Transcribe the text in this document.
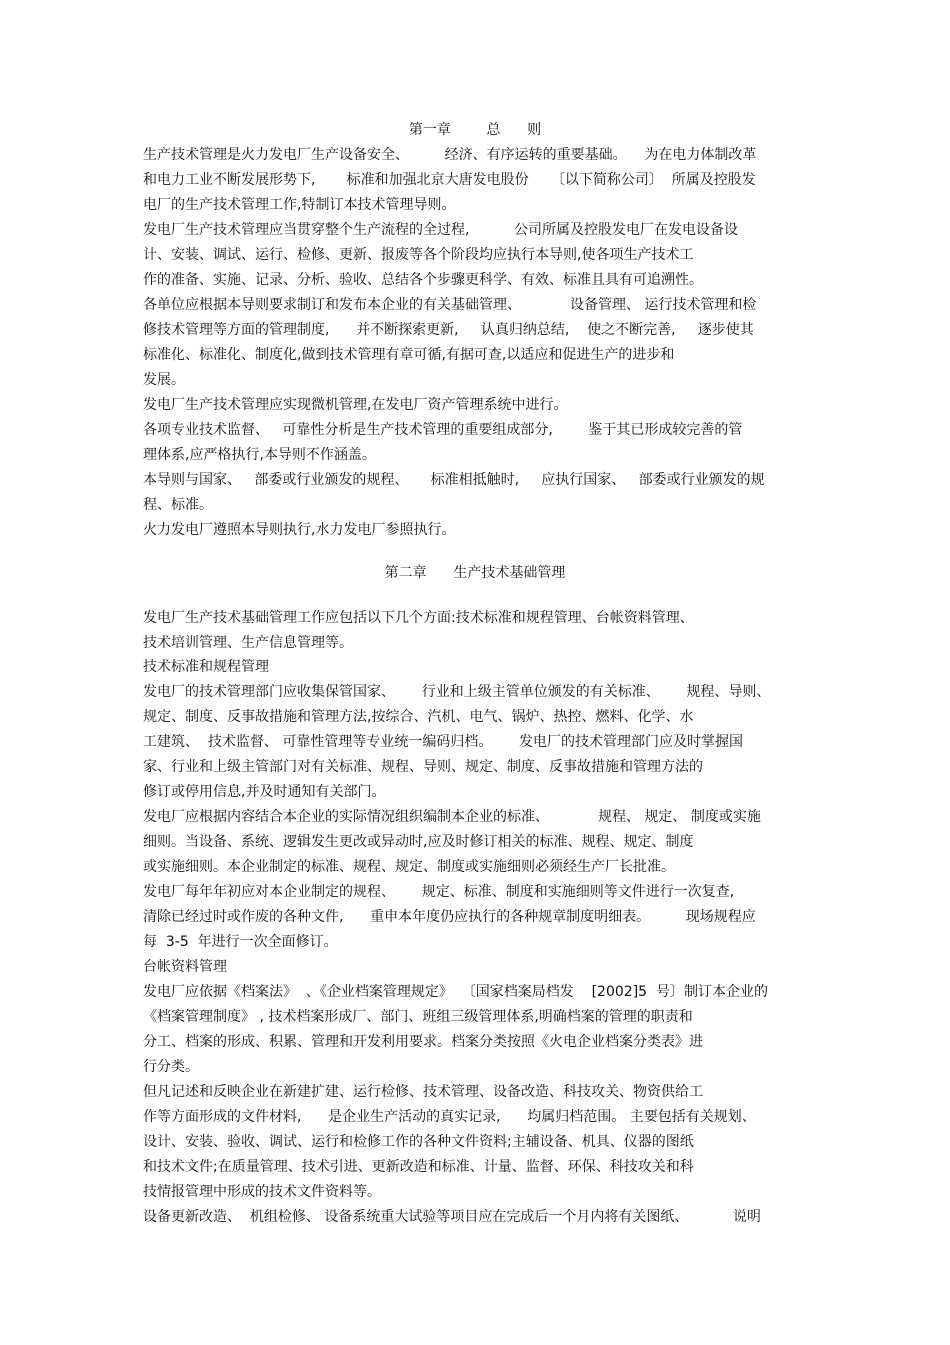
第一章        总      则
生产技术管理是火力发电厂生产设备安全、        经济、有序运转的重要基础。    为在电力体制改革
和电力工业不断发展形势下,       标准和加强北京大唐发电股份     〔以下简称公司〕  所属及控股发
电厂的生产技术管理工作,特制订本技术管理导则。
发电厂生产技术管理应当贯穿整个生产流程的全过程,          公司所属及控股发电厂在发电设备设
计、安装、调试、运行、检修、更新、报废等各个阶段均应执行本导则,使各项生产技术工
作的准备、实施、记录、分析、验收、总结各个步骤更科学、有效、标准且具有可追溯性。
各单位应根据本导则要求制订和发布本企业的有关基础管理、           设备管理、 运行技术管理和检
修技术管理等方面的管理制度,      并不断探索更新,     认真归纳总结,    使之不断完善,     逐步使其
标准化、标准化、制度化,做到技术管理有章可循,有据可查,以适应和促进生产的进步和
发展。
发电厂生产技术管理应实现微机管理,在发电厂资产管理系统中进行。
各项专业技术监督、   可靠性分析是生产技术管理的重要组成部分,        鉴于其已形成较完善的管
理体系,应严格执行,本导则不作涵盖。
本导则与国家、   部委或行业颁发的规程、     标准相抵触时,     应执行国家、   部委或行业颁发的规
程、标准。
火力发电厂遵照本导则执行,水力发电厂参照执行。
第二章      生产技术基础管理
发电厂生产技术基础管理工作应包括以下几个方面:技术标准和规程管理、台帐资料管理、
技术培训管理、生产信息管理等。
技术标准和规程管理
发电厂的技术管理部门应收集保管国家、      行业和上级主管单位颁发的有关标准、      规程、导则、
规定、制度、反事故措施和管理方法,按综合、汽机、电气、锅炉、热控、燃料、化学、水
工建筑、  技术监督、 可靠性管理等专业统一编码归档。      发电厂的技术管理部门应及时掌握国
家、行业和上级主管部门对有关标准、规程、导则、规定、制度、反事故措施和管理方法的
修订或停用信息,并及时通知有关部门。
发电厂应根据内容结合本企业的实际情况组织编制本企业的标准、           规程、 规定、 制度或实施
细则。当设备、系统、逻辑发生更改或异动时,应及时修订相关的标准、规程、规定、制度
或实施细则。本企业制定的标准、规程、规定、制度或实施细则必须经生产厂长批准。
发电厂每年年初应对本企业制定的规程、      规定、标准、制度和实施细则等文件进行一次复查,
清除已经过时或作废的各种文件,      重申本年度仍应执行的各种规章制度明细表。        现场规程应
每  3-5  年进行一次全面修订。
台帐资料管理
发电厂应依据《档案法》  、《企业档案管理规定》  〔国家档案局档发    [2002]5  号〕制订本企业的
《档案管理制度》 , 技术档案形成厂、部门、班组三级管理体系,明确档案的管理的职责和
分工、档案的形成、积累、管理和开发利用要求。档案分类按照《火电企业档案分类表》进
行分类。
但凡记述和反映企业在新建扩建、运行检修、技术管理、设备改造、科技攻关、物资供给工
作等方面形成的文件材料,      是企业生产活动的真实记录,      均属归档范围。 主要包括有关规划、
设计、安装、验收、调试、运行和检修工作的各种文件资料;主辅设备、机具、仪器的图纸
和技术文件;在质量管理、技术引进、更新改造和标准、计量、监督、环保、科技攻关和科
技情报管理中形成的技术文件资料等。
设备更新改造、  机组检修、 设备系统重大试验等项目应在完成后一个月内将有关图纸、          说明
